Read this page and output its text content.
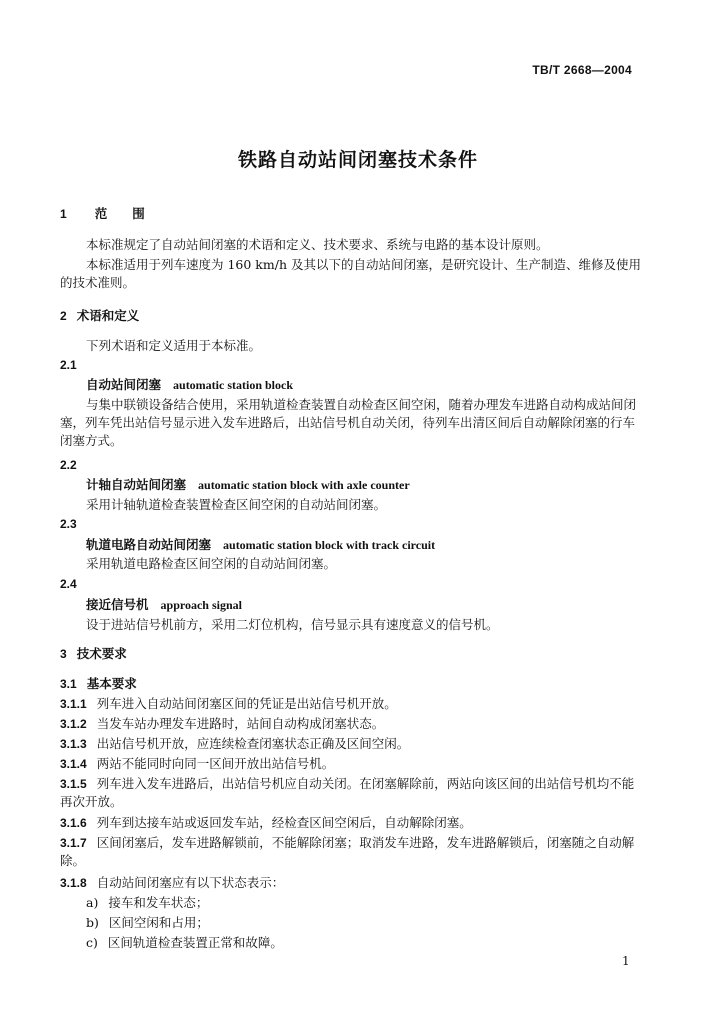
TB/T 2668—2004
铁路自动站间闭塞技术条件
1 范　　围
本标准规定了自动站间闭塞的术语和定义、技术要求、系统与电路的基本设计原则。
本标准适用于列车速度为 160 km/h 及其以下的自动站间闭塞，是研究设计、生产制造、维修及使用的技术准则。
2 术语和定义
下列术语和定义适用于本标准。
2.1
自动站间闭塞 automatic station block
与集中联锁设备结合使用，采用轨道检查装置自动检查区间空闲，随着办理发车进路自动构成站间闭塞，列车凭出站信号显示进入发车进路后，出站信号机自动关闭，待列车出清区间后自动解除闭塞的行车闭塞方式。
2.2
计轴自动站间闭塞 automatic station block with axle counter
采用计轴轨道检查装置检查区间空闲的自动站间闭塞。
2.3
轨道电路自动站间闭塞 automatic station block with track circuit
采用轨道电路检查区间空闲的自动站间闭塞。
2.4
接近信号机 approach signal
设于进站信号机前方，采用二灯位机构，信号显示具有速度意义的信号机。
3 技术要求
3.1 基本要求
3.1.1 列车进入自动站间闭塞区间的凭证是出站信号机开放。
3.1.2 当发车站办理发车进路时，站间自动构成闭塞状态。
3.1.3 出站信号机开放，应连续检查闭塞状态正确及区间空闲。
3.1.4 两站不能同时向同一区间开放出站信号机。
3.1.5 列车进入发车进路后，出站信号机应自动关闭。在闭塞解除前，两站向该区间的出站信号机均不能再次开放。
3.1.6 列车到达接车站或返回发车站，经检查区间空闲后，自动解除闭塞。
3.1.7 区间闭塞后，发车进路解锁前，不能解除闭塞；取消发车进路，发车进路解锁后，闭塞随之自动解除。
3.1.8 自动站间闭塞应有以下状态表示：
a) 接车和发车状态；
b) 区间空闲和占用；
c) 区间轨道检查装置正常和故障。
1
